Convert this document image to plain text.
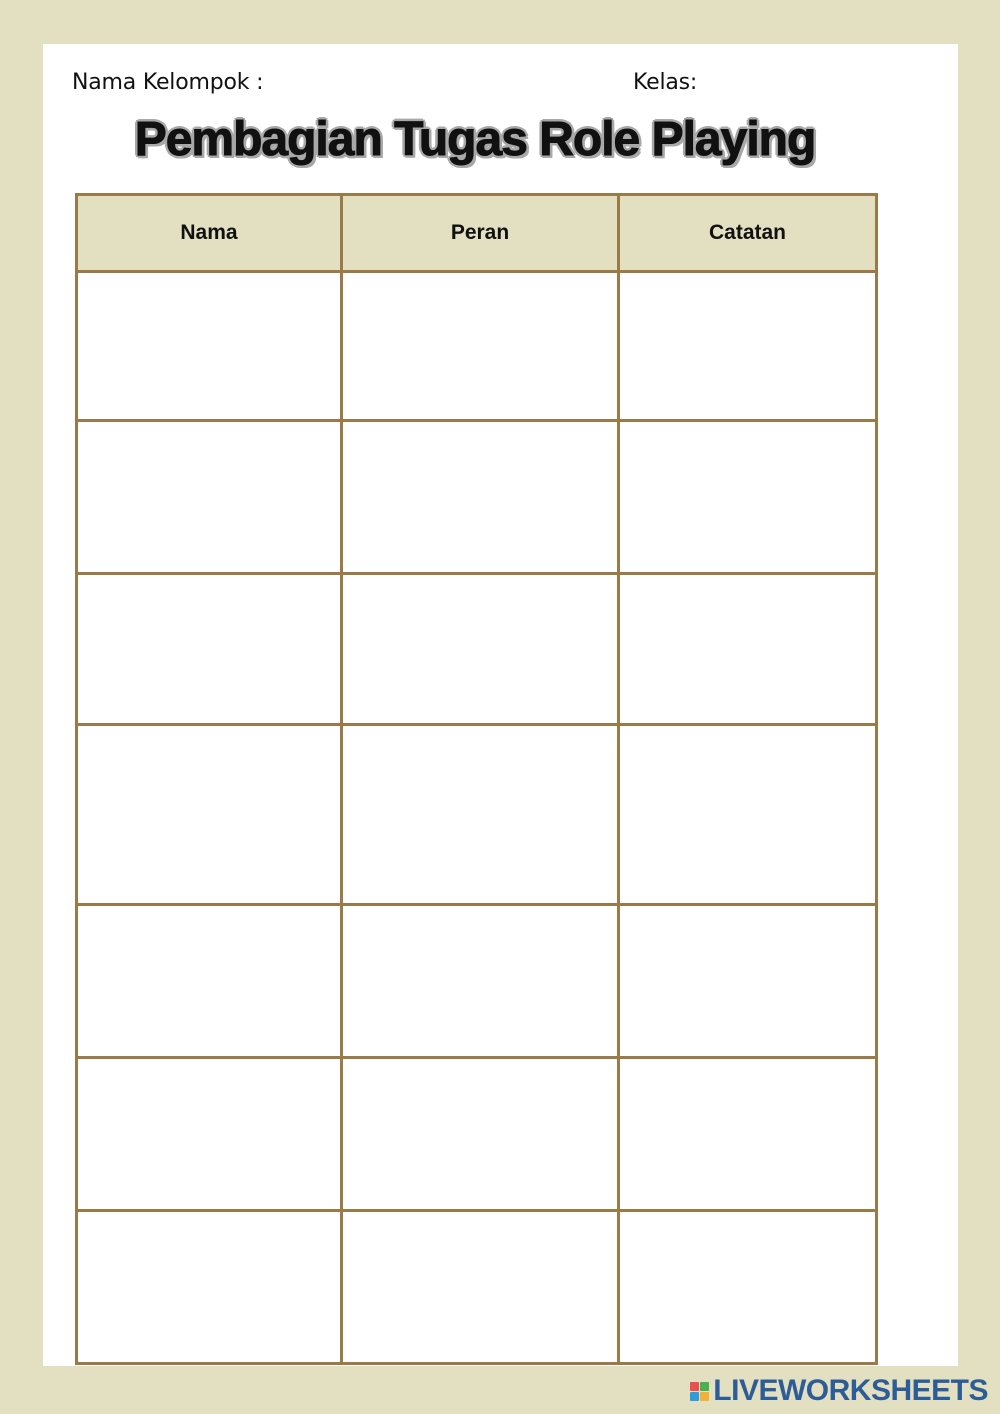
Nama Kelompok :	Kelas:
Pembagian Tugas Role Playing
Nama	Peran	Catatan

LIVEWORKSHEETS
